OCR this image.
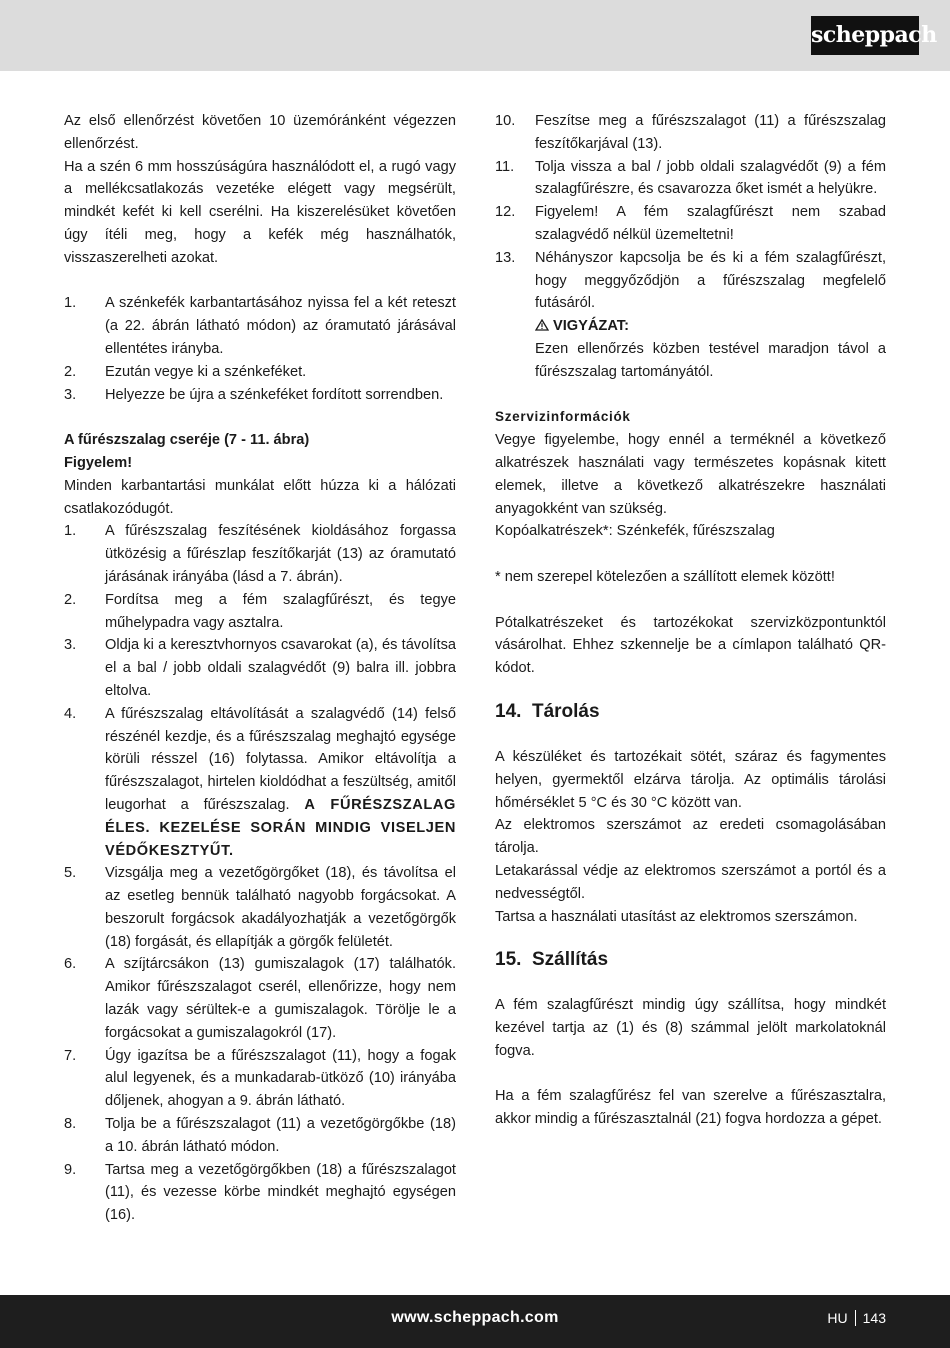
scheppach

Az első ellenőrzést követően 10 üzemóránként végezzen ellenőrzést.

Ha a szén 6 mm hosszúságúra használódott el, a rugó vagy a mellékcsatlakozás vezetéke elégett vagy megsérült, mindkét kefét ki kell cserélni. Ha kiszerelésüket követően úgy ítéli meg, hogy a kefék még használhatók, visszaszerelheti azokat.

1.	A szénkefék karbantartásához nyissa fel a két reteszt (a 22. ábrán látható módon) az óramutató járásával ellentétes irányba.
2.	Ezután vegye ki a szénkeféket.
3.	Helyezze be újra a szénkeféket fordított sorrendben.

A fűrészszalag cseréje (7 - 11. ábra)

Figyelem!

Minden karbantartási munkálat előtt húzza ki a hálózati csatlakozódugót.

1.	A fűrészszalag feszítésének kioldásához forgassa ütközésig a fűrészlap feszítőkarját (13) az óramutató járásának irányába (lásd a 7. ábrán).
2.	Fordítsa meg a fém szalagfűrészt, és tegye műhelypadra vagy asztalra.
3.	Oldja ki a keresztvhornyos csavarokat (a), és távolítsa el a bal / jobb oldali szalagvédőt (9) balra ill. jobbra eltolva.
4.	A fűrészszalag eltávolítását a szalagvédő (14) felső részénél kezdje, és a fűrészszalag meghajtó egysége körüli résszel (16) folytassa. Amikor eltávolítja a fűrészszalagot, hirtelen kioldódhat a feszültség, amitől leugorhat a fűrészszalag. A FŰRÉSZSZALAG ÉLES. KEZELÉSE SORÁN MINDIG VISELJEN VÉDŐKESZTYŰT.
5.	Vizsgálja meg a vezetőgörgőket (18), és távolítsa el az esetleg bennük található nagyobb forgácsokat. A beszorult forgácsok akadályozhatják a vezetőgörgők (18) forgását, és ellapítják a görgők felületét.
6.	A szíjtárcsákon (13) gumiszalagok (17) találhatók. Amikor fűrészszalagot cserél, ellenőrizze, hogy nem lazák vagy sérültek-e a gumiszalagok. Törölje le a forgácsokat a gumiszalagokról (17).
7.	Úgy igazítsa be a fűrészszalagot (11), hogy a fogak alul legyenek, és a munkadarab-ütköző (10) irányába dőljenek, ahogyan a 9. ábrán látható.
8.	Tolja be a fűrészszalagot (11) a vezetőgörgőkbe (18) a 10. ábrán látható módon.
9.	Tartsa meg a vezetőgörgőkben (18) a fűrészszalagot (11), és vezesse körbe mindkét meghajtó egységen (16).
10.	Feszítse meg a fűrészszalagot (11) a fűrészszalag feszítőkarjával (13).
11.	Tolja vissza a bal / jobb oldali szalagvédőt (9) a fém szalagfűrészre, és csavarozza őket ismét a helyükre.
12.	Figyelem! A fém szalagfűrészt nem szabad szalagvédő nélkül üzemeltetni!
13.	Néhányszor kapcsolja be és ki a fém szalagfűrészt, hogy meggyőződjön a fűrészszalag megfelelő futásáról.
VIGYÁZAT:
Ezen ellenőrzés közben testével maradjon távol a fűrészszalag tartományától.

Szervizinformációk

Vegye figyelembe, hogy ennél a terméknél a következő alkatrészek használati vagy természetes kopásnak kitett elemek, illetve a következő alkatrészekre használati anyagokként van szükség.

Kopóalkatrészek*: Szénkefék, fűrészszalag

* nem szerepel kötelezően a szállított elemek között!

Pótalkatrészeket és tartozékokat szervizközpontunktól vásárolhat. Ehhez szkennelje be a címlapon található QR-kódot.

14. Tárolás

A készüléket és tartozékait sötét, száraz és fagymentes helyen, gyermektől elzárva tárolja. Az optimális tárolási hőmérséklet 5 °C és 30 °C között van.

Az elektromos szerszámot az eredeti csomagolásában tárolja.

Letakarással védje az elektromos szerszámot a portól és a nedvességtől.

Tartsa a használati utasítást az elektromos szerszámon.

15. Szállítás

A fém szalagfűrészt mindig úgy szállítsa, hogy mindkét kezével tartja az (1) és (8) számmal jelölt markolatoknál fogva.

Ha a fém szalagfűrész fel van szerelve a fűrészasztalra, akkor mindig a fűrészasztalnál (21) fogva hordozza a gépet.

www.scheppach.com	HU 143
